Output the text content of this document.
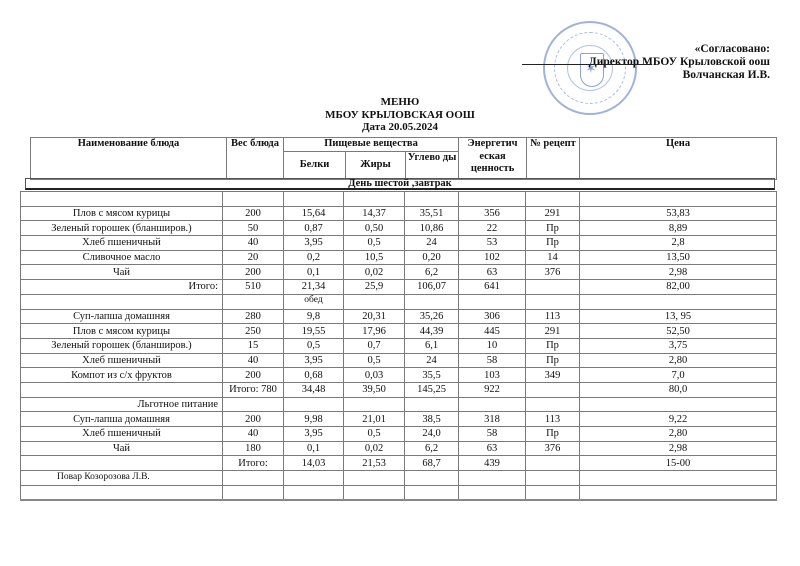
✶
«Согласовано:
Директор МБОУ Крыловской оош
Волчанская И.В.
МЕНЮ
МБОУ КРЫЛОВСКАЯ ООШ
Дата 20.05.2024
Наименование блюда	Вес блюда	Пищевые вещества			Энергетич еская ценность	№ рецепт	Цена
		Белки	Жиры	Углево ды			
День шестой ,завтрак

Плов с мясом курицы	200	15,64	14,37	35,51	356	291	53,83
Зеленый горошек (бланширов.)	50	0,87	0,50	10,86	22	Пр	8,89
Хлеб пшеничный	40	3,95	0,5	24	53	Пр	2,8
Сливочное масло	20	0,2	10,5	0,20	102	14	13,50
Чай	200	0,1	0,02	6,2	63	376	2,98
Итого:	510	21,34	25,9	106,07	641		82,00
		обед					
Суп-лапша домашняя	280	9,8	20,31	35,26	306	113	13, 95
Плов с мясом курицы	250	19,55	17,96	44,39	445	291	52,50
Зеленый горошек (бланширов.)	15	0,5	0,7	6,1	10	Пр	3,75
Хлеб пшеничный	40	3,95	0,5	24	58	Пр	2,80
Компот из с/х фруктов	200	0,68	0,03	35,5	103	349	7,0
	Итого: 780	34,48	39,50	145,25	922		80,0
Льготное питание							
Суп-лапша домашняя	200	9,98	21,01	38,5	318	113	9,22
Хлеб пшеничный	40	3,95	0,5	24,0	58	Пр	2,80
Чай	180	0,1	0,02	6,2	63	376	2,98
	Итого:	14,03	21,53	68,7	439		15-00
Повар Козорозова Л.В.							
